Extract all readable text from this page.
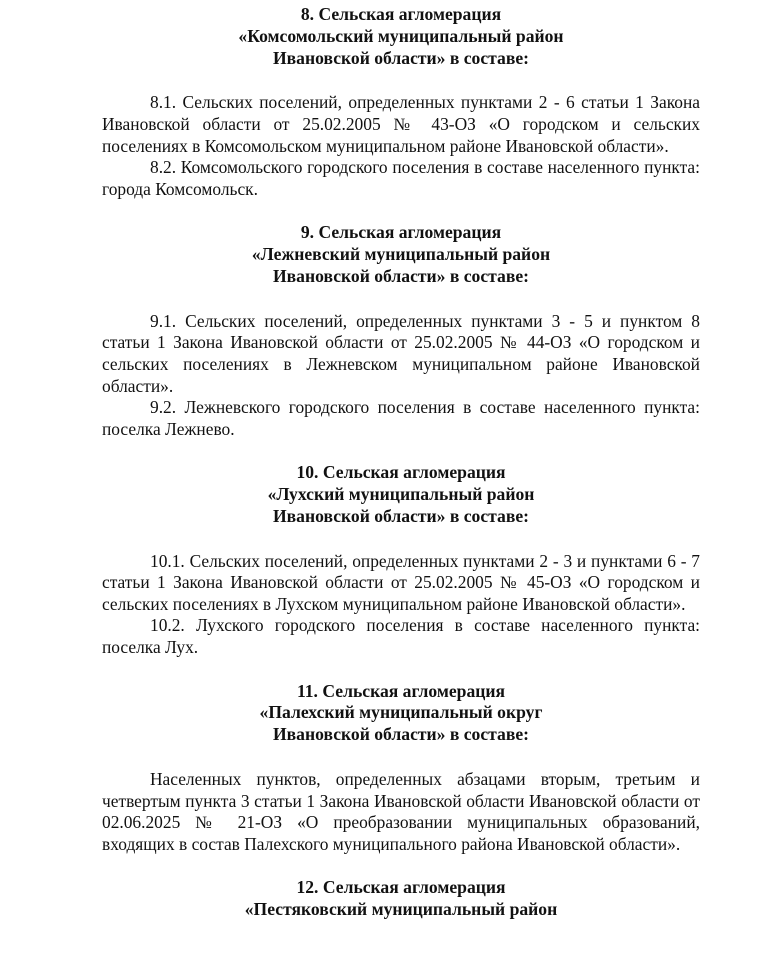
8. Сельская агломерация
«Комсомольский муниципальный район
Ивановской области» в составе:

8.1. Сельских поселений, определенных пунктами 2 - 6 статьи 1 Закона Ивановской области от 25.02.2005 № 43-ОЗ «О городском и сельских поселениях в Комсомольском муниципальном районе Ивановской области».

8.2. Комсомольского городского поселения в составе населенного пункта: города Комсомольск.

9. Сельская агломерация
«Лежневский муниципальный район
Ивановской области» в составе:

9.1. Сельских поселений, определенных пунктами 3 - 5 и пунктом 8 статьи 1 Закона Ивановской области от 25.02.2005 № 44-ОЗ «О городском и сельских поселениях в Лежневском муниципальном районе Ивановской области».

9.2. Лежневского городского поселения в составе населенного пункта: поселка Лежнево.

10. Сельская агломерация
«Лухский муниципальный район
Ивановской области» в составе:

10.1. Сельских поселений, определенных пунктами 2 - 3 и пунктами 6 - 7 статьи 1 Закона Ивановской области от 25.02.2005 № 45-ОЗ «О городском и сельских поселениях в Лухском муниципальном районе Ивановской области».

10.2. Лухского городского поселения в составе населенного пункта: поселка Лух.

11. Сельская агломерация
«Палехский муниципальный округ
Ивановской области» в составе:

Населенных пунктов, определенных абзацами вторым, третьим и четвертым пункта 3 статьи 1 Закона Ивановской области Ивановской области от 02.06.2025 № 21-ОЗ «О преобразовании муниципальных образований, входящих в состав Палехского муниципального района Ивановской области».

12. Сельская агломерация
«Пестяковский муниципальный район
